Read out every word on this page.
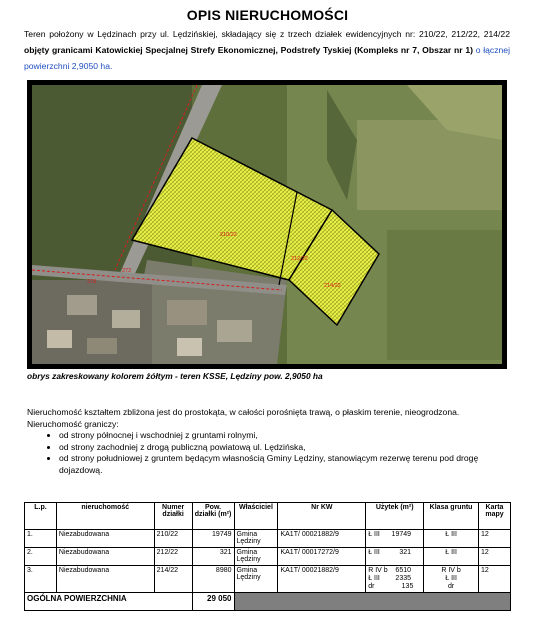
OPIS NIERUCHOMOŚCI
Teren położony w Lędzinach przy ul. Lędzińskiej, składający się z trzech działek ewidencyjnych nr: 210/22, 212/22, 214/22 objęty granicami Katowickiej Specjalnej Strefy Ekonomicznej, Podstrefy Tyskiej (Kompleks nr 7, Obszar nr 1) o łącznej powierzchni 2,9050 ha.
210/22
212/22
214/22
278
272
obrys zakreskowany kolorem żółtym - teren KSSE, Lędziny pow. 2,9050 ha
Nieruchomość kształtem zbliżona jest do prostokąta, w całości porośnięta trawą, o płaskim terenie, nieogrodzona.
Nieruchomość graniczy:
• od strony północnej i wschodniej z gruntami rolnymi,
• od strony zachodniej z drogą publiczną powiatową ul. Lędzińska,
• od strony południowej z gruntem będącym własnością Gminy Lędziny, stanowiącym rezerwę terenu pod drogę dojazdową.
L.p.	nieruchomość	Numer działki	Pow. działki (m²)	Właściciel	Nr KW	Użytek (m²)	Klasa gruntu	Karta mapy
1.	Niezabudowana	210/22	19749	Gmina Lędziny	KA1T/ 00021882/9	Ł III      19749	Ł III	12
2.	Niezabudowana	212/22	321	Gmina Lędziny	KA1T/ 00017272/9	Ł III          321	Ł III	12
3.	Niezabudowana	214/22	8980	Gmina Lędziny	KA1T/ 00021882/9	R IV b    6510
Ł III        2335
dr              135	R IV b
Ł III
dr	12
OGÓLNA POWIERZCHNIA			29 050					
